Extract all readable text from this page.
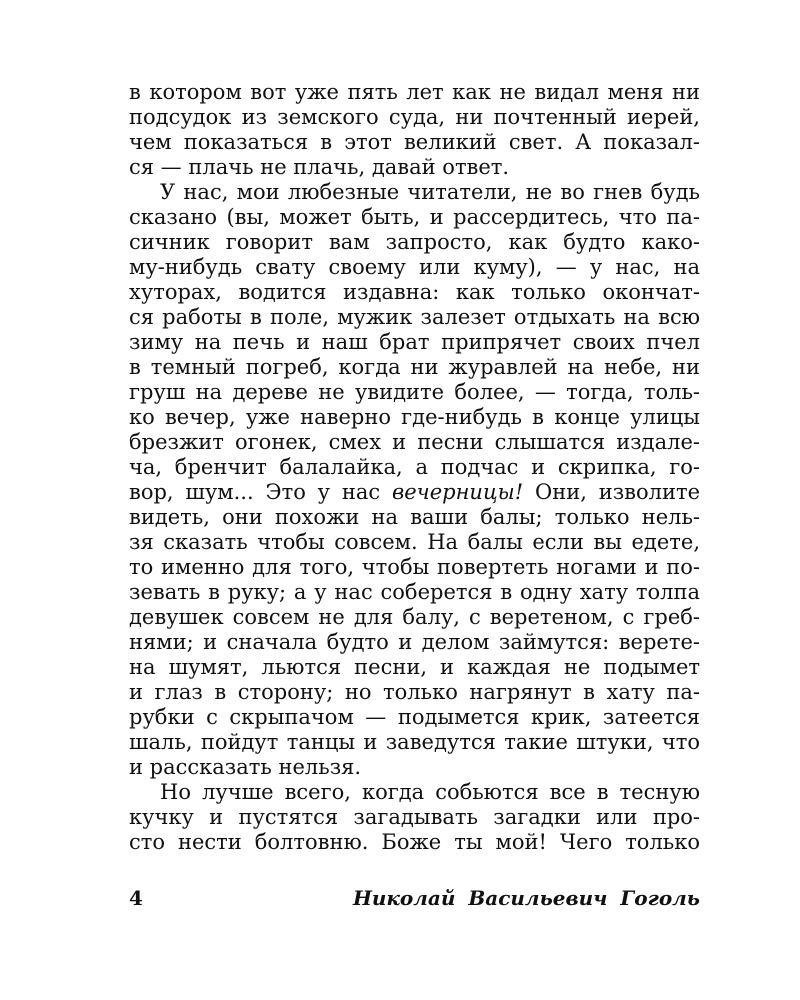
в котором вот уже пять лет как не видал меня ни
подсудок из земского суда, ни почтенный иерей,
чем показаться в этот великий свет. А показал-
ся — плачь не плачь, давай ответ.
У нас, мои любезные читатели, не во гнев будь
сказано (вы, может быть, и рассердитесь, что па-
сичник говорит вам запросто, как будто како-
му-нибудь свату своему или куму), — у нас, на
хуторах, водится издавна: как только окончат-
ся работы в поле, мужик залезет отдыхать на всю
зиму на печь и наш брат припрячет своих пчел
в темный погреб, когда ни журавлей на небе, ни
груш на дереве не увидите более, — тогда, толь-
ко вечер, уже наверно где-нибудь в конце улицы
брезжит огонек, смех и песни слышатся издале-
ча, бренчит балалайка, а подчас и скрипка, го-
вор, шум... Это у нас вечерницы! Они, изволите
видеть, они похожи на ваши балы; только нель-
зя сказать чтобы совсем. На балы если вы едете,
то именно для того, чтобы повертеть ногами и по-
зевать в руку; а у нас соберется в одну хату толпа
девушек совсем не для балу, с веретеном, с греб-
нями; и сначала будто и делом займутся: верете-
на шумят, льются песни, и каждая не подымет
и глаз в сторону; но только нагрянут в хату па-
рубки с скрыпачом — подымется крик, затеется
шаль, пойдут танцы и заведутся такие штуки, что
и рассказать нельзя.
Но лучше всего, когда собьются все в тесную
кучку и пустятся загадывать загадки или про-
сто нести болтовню. Боже ты мой! Чего только
4	Николай Васильевич Гоголь
